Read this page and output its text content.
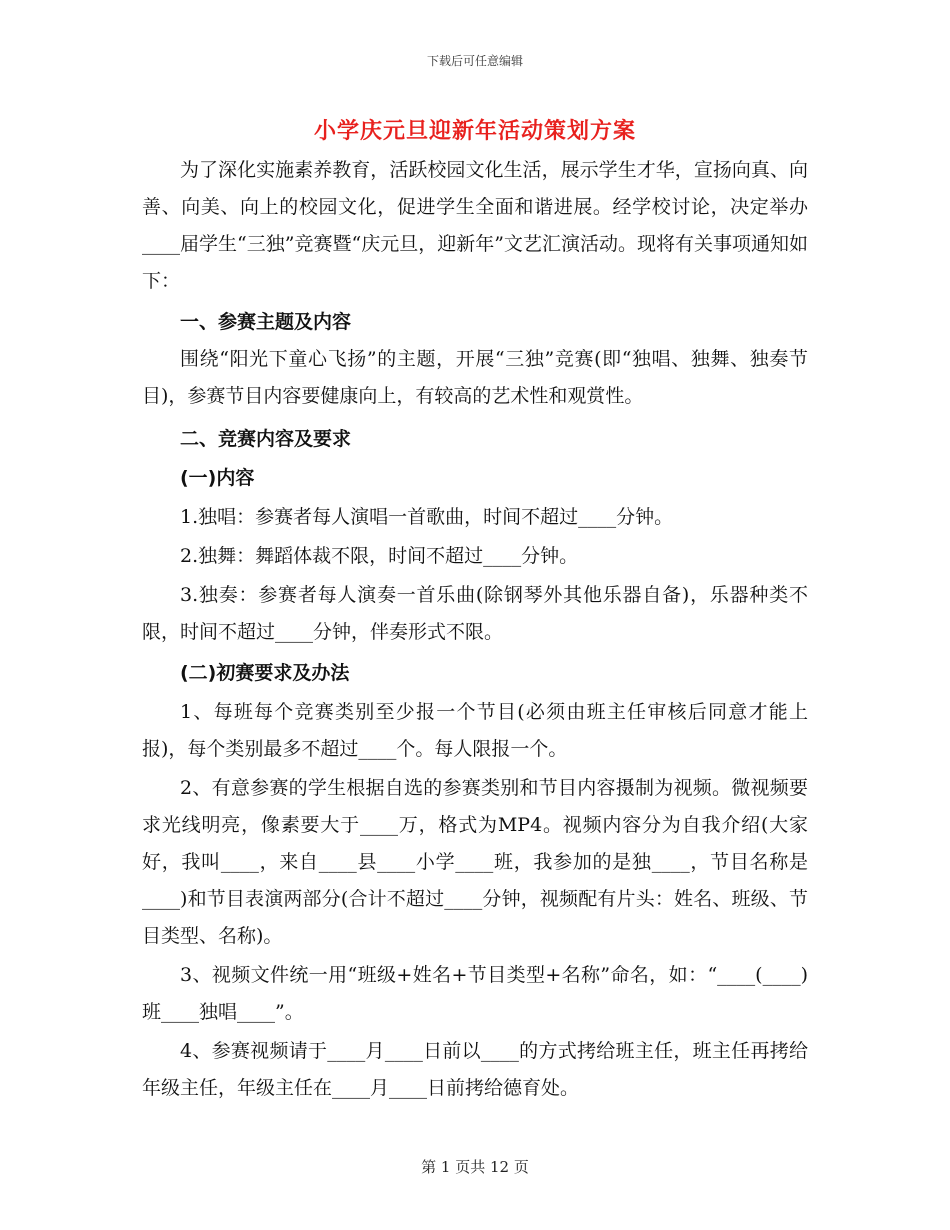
下载后可任意编辑
小学庆元旦迎新年活动策划方案

为了深化实施素养教育，活跃校园文化生活，展示学生才华，宣扬向真、向善、向美、向上的校园文化，促进学生全面和谐进展。经学校讨论，决定举办____届学生“三独”竞赛暨“庆元旦，迎新年”文艺汇演活动。现将有关事项通知如下：

一、参赛主题及内容

围绕“阳光下童心飞扬”的主题，开展“三独”竞赛(即“独唱、独舞、独奏节目)，参赛节目内容要健康向上，有较高的艺术性和观赏性。

二、竞赛内容及要求
(一)内容

1.独唱：参赛者每人演唱一首歌曲，时间不超过____分钟。

2.独舞：舞蹈体裁不限，时间不超过____分钟。

3.独奏：参赛者每人演奏一首乐曲(除钢琴外其他乐器自备)，乐器种类不限，时间不超过____分钟，伴奏形式不限。

(二)初赛要求及办法

1、每班每个竞赛类别至少报一个节目(必须由班主任审核后同意才能上报)，每个类别最多不超过____个。每人限报一个。

2、有意参赛的学生根据自选的参赛类别和节目内容摄制为视频。微视频要求光线明亮，像素要大于____万，格式为MP4。视频内容分为自我介绍(大家好，我叫____，来自____县____小学____班，我参加的是独____，节目名称是____)和节目表演两部分(合计不超过____分钟，视频配有片头：姓名、班级、节目类型、名称)。

3、视频文件统一用“班级+姓名+节目类型+名称”命名，如：“____(____)班____独唱____”。

4、参赛视频请于____月____日前以____的方式拷给班主任，班主任再拷给年级主任，年级主任在____月____日前拷给德育处。

第 1 页共 12 页
